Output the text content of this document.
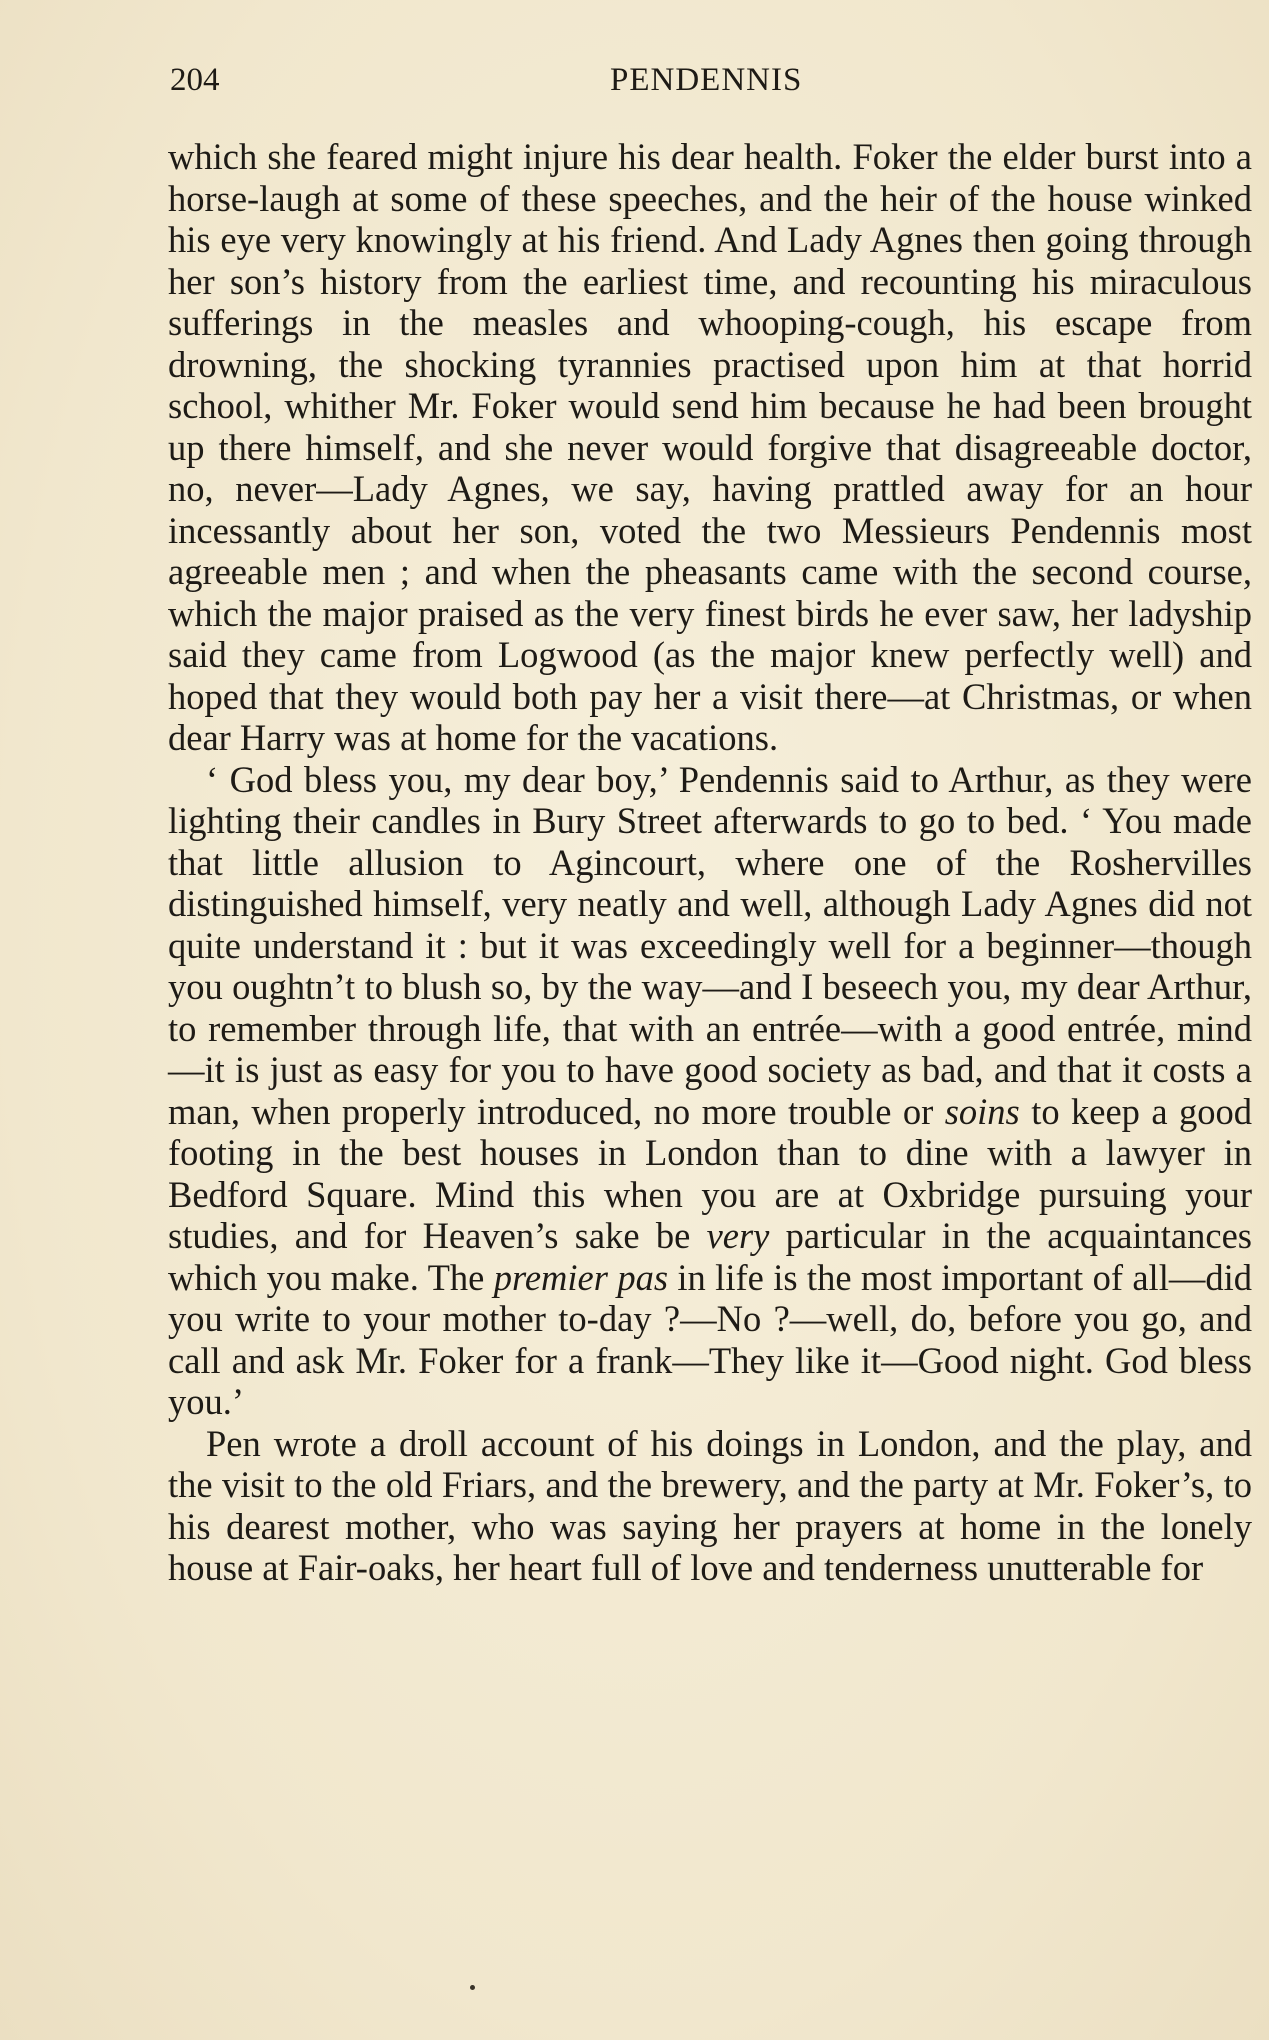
204	PENDENNIS

which she feared might injure his dear health. Foker the elder burst into a horse-laugh at some of these speeches, and the heir of the house winked his eye very knowingly at his friend. And Lady Agnes then going through her son’s history from the earliest time, and recounting his miraculous sufferings in the measles and whooping-cough, his escape from drowning, the shocking tyrannies practised upon him at that horrid school, whither Mr. Foker would send him because he had been brought up there himself, and she never would forgive that disagreeable doctor, no, never—Lady Agnes, we say, having prattled away for an hour incessantly about her son, voted the two Messieurs Pendennis most agreeable men ; and when the pheasants came with the second course, which the major praised as the very finest birds he ever saw, her ladyship said they came from Logwood (as the major knew perfectly well) and hoped that they would both pay her a visit there—at Christmas, or when dear Harry was at home for the vacations.

‘ God bless you, my dear boy,’ Pendennis said to Arthur, as they were lighting their candles in Bury Street afterwards to go to bed. ‘ You made that little allusion to Agincourt, where one of the Roshervilles distinguished himself, very neatly and well, although Lady Agnes did not quite understand it : but it was exceedingly well for a beginner—though you oughtn’t to blush so, by the way—and I beseech you, my dear Arthur, to remember through life, that with an entrée—with a good entrée, mind—it is just as easy for you to have good society as bad, and that it costs a man, when properly introduced, no more trouble or soins to keep a good footing in the best houses in London than to dine with a lawyer in Bedford Square. Mind this when you are at Oxbridge pursuing your studies, and for Heaven’s sake be very particular in the acquaintances which you make. The premier pas in life is the most important of all—did you write to your mother to-day ?—No ?—well, do, before you go, and call and ask Mr. Foker for a frank—They like it—Good night. God bless you.’

Pen wrote a droll account of his doings in London, and the play, and the visit to the old Friars, and the brewery, and the party at Mr. Foker’s, to his dearest mother, who was saying her prayers at home in the lonely house at Fair-oaks, her heart full of love and tenderness unutterable for
